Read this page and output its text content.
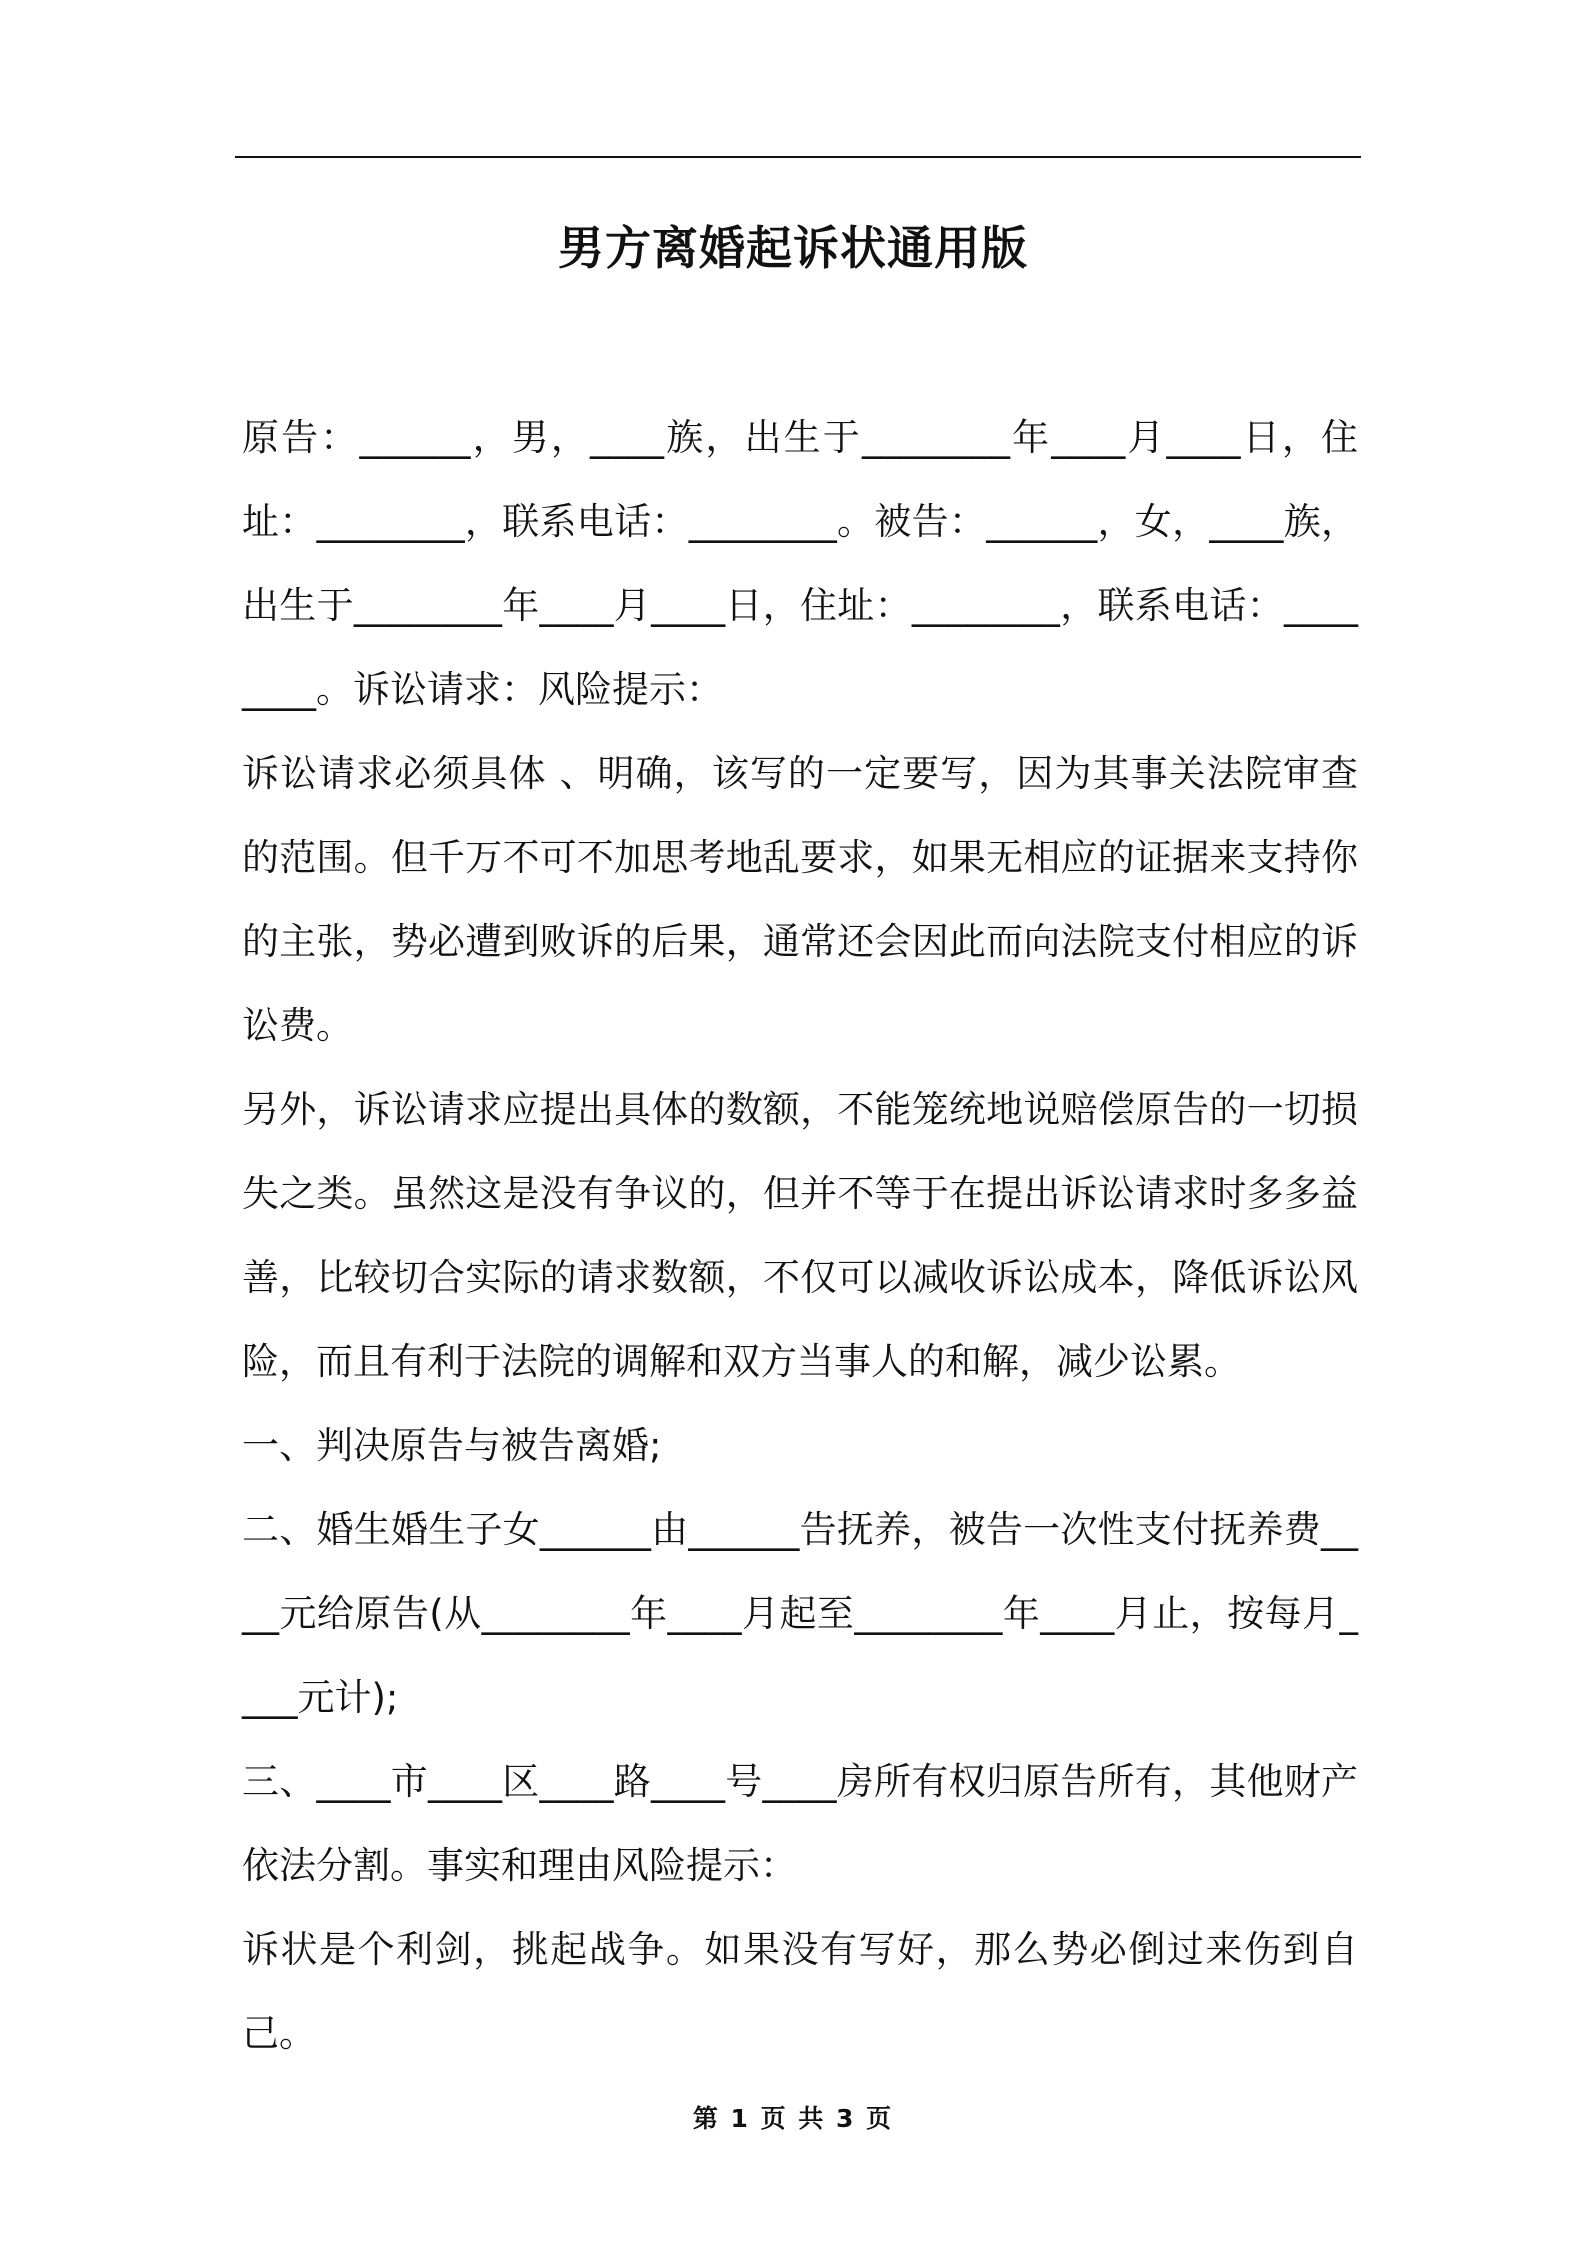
男方离婚起诉状通用版

原告：______，男，____族，出生于________年____月____日，住址：________，联系电话：________。被告：______，女，____族，出生于________年____月____日，住址：________，联系电话：________。诉讼请求：风险提示：

诉讼请求必须具体 、明确，该写的一定要写，因为其事关法院审查的范围。但千万不可不加思考地乱要求，如果无相应的证据来支持你的主张，势必遭到败诉的后果，通常还会因此而向法院支付相应的诉讼费。

另外，诉讼请求应提出具体的数额，不能笼统地说赔偿原告的一切损失之类。虽然这是没有争议的，但并不等于在提出诉讼请求时多多益善，比较切合实际的请求数额，不仅可以减收诉讼成本，降低诉讼风险，而且有利于法院的调解和双方当事人的和解，减少讼累。

一、判决原告与被告离婚;

二、婚生婚生子女______由______告抚养，被告一次性支付抚养费____元给原告(从________年____月起至________年____月止，按每月____元计);

三、____市____区____路____号____房所有权归原告所有，其他财产依法分割。事实和理由风险提示：

诉状是个利剑，挑起战争。如果没有写好，那么势必倒过来伤到自己。

第 1 页 共 3 页
